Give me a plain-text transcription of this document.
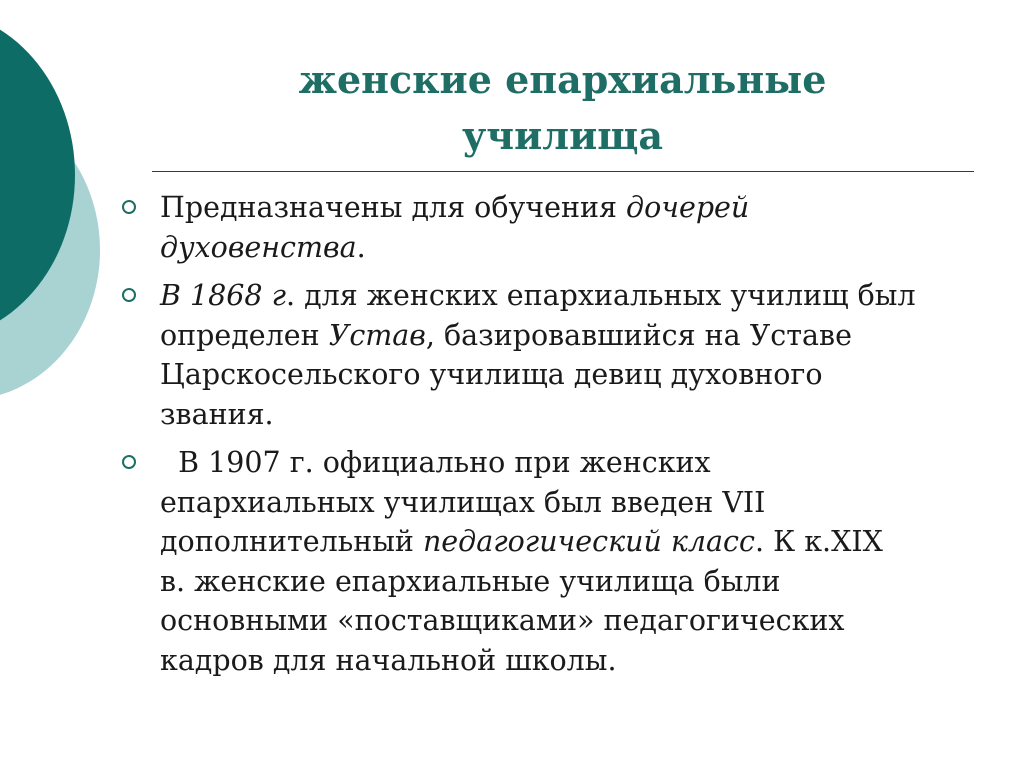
женские епархиальные
училища
Предназначены для обучения дочерей
духовенства.
В 1868 г. для женских епархиальных училищ был
определен Устав, базировавшийся на Уставе
Царскосельского училища девиц духовного
звания.
В 1907 г. официально при женских
епархиальных училищах был введен VII
дополнительный педагогический класс. К к.XIX
в. женские епархиальные училища были
основными «поставщиками» педагогических
кадров для начальной школы.
